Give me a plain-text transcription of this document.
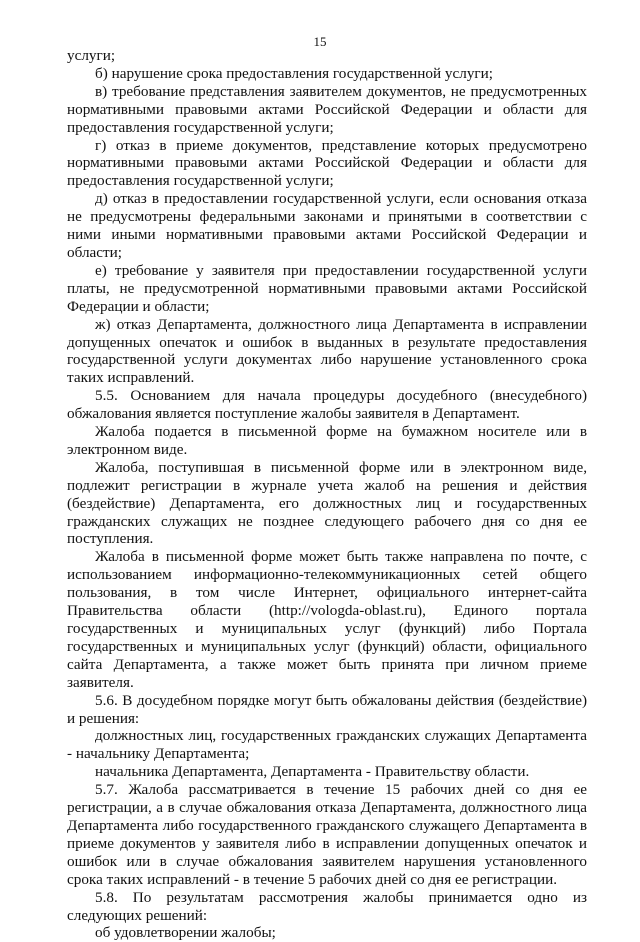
15

услуги;

б) нарушение срока предоставления государственной услуги;

в) требование представления заявителем документов, не предусмотренных нормативными правовыми актами Российской Федерации и области для предоставления государственной услуги;

г) отказ в приеме документов, представление которых предусмотрено нормативными правовыми актами Российской Федерации и области для предоставления государственной услуги;

д) отказ в предоставлении государственной услуги, если основания отказа не предусмотрены федеральными законами и принятыми в соответствии с ними иными нормативными правовыми актами Российской Федерации и области;

е) требование у заявителя при предоставлении государственной услуги платы, не предусмотренной нормативными правовыми актами Российской Федерации и области;

ж) отказ Департамента, должностного лица Департамента в исправлении допущенных опечаток и ошибок в выданных в результате предоставления государственной услуги документах либо нарушение установленного срока таких исправлений.

5.5. Основанием для начала процедуры досудебного (внесудебного) обжалования является поступление жалобы заявителя в Департамент.

Жалоба подается в письменной форме на бумажном носителе или в электронном виде.

Жалоба, поступившая в письменной форме или в электронном виде, подлежит регистрации в журнале учета жалоб на решения и действия (бездействие) Департамента, его должностных лиц и государственных гражданских служащих не позднее следующего рабочего дня со дня ее поступления.

Жалоба в письменной форме может быть также направлена по почте, с использованием информационно-телекоммуникационных сетей общего пользования, в том числе Интернет, официального интернет-сайта Правительства области (http://vologda-oblast.ru), Единого портала государственных и муниципальных услуг (функций) либо Портала государственных и муниципальных услуг (функций) области, официального сайта Департамента, а также может быть принята при личном приеме заявителя.

5.6. В досудебном порядке могут быть обжалованы действия (бездействие) и решения:

должностных лиц, государственных гражданских служащих Департамента - начальнику Департамента;

начальника Департамента, Департамента - Правительству области.

5.7. Жалоба рассматривается в течение 15 рабочих дней со дня ее регистрации, а в случае обжалования отказа Департамента, должностного лица Департамента либо государственного гражданского служащего Департамента в приеме документов у заявителя либо в исправлении допущенных опечаток и ошибок или в случае обжалования заявителем нарушения установленного срока таких исправлений - в течение 5 рабочих дней со дня ее регистрации.

5.8. По результатам рассмотрения жалобы принимается одно из следующих решений:

об удовлетворении жалобы;
